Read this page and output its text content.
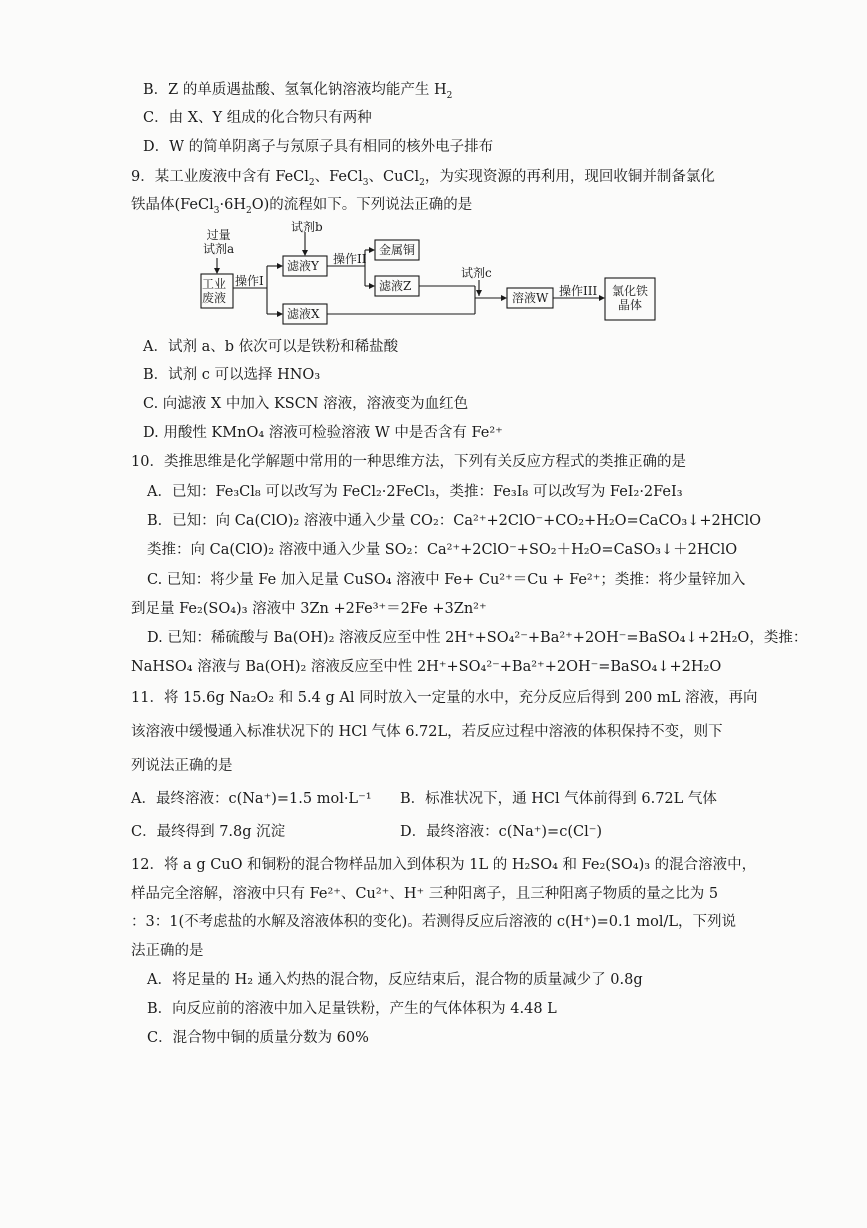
B．Z 的单质遇盐酸、氢氧化钠溶液均能产生 $H_2$
C．由 X、Y 组成的化合物只有两种
D．W 的简单阴离子与氖原子具有相同的核外电子排布
9．某工业废液中含有 FeCl$_2$、FeCl$_3$、CuCl$_2$，为实现资源的再利用，现回收铜并制备氯化
铁晶体$(FeCl_3\cdot 6H_2O)$的流程如下。下列说法正确的是
过量
试剂a
试剂b
工业
废液
操作I
滤液Y
滤液X
操作II
金属铜
滤液Z
试剂c
溶液W 操作III 氯化铁
晶体
A．试剂 a、b 依次可以是铁粉和稀盐酸
B．试剂 c 可以选择 HNO₃
C. 向滤液 X 中加入 KSCN 溶液，溶液变为血红色
D. 用酸性 KMnO₄ 溶液可检验溶液 W 中是否含有 Fe²⁺
10．类推思维是化学解题中常用的一种思维方法，下列有关反应方程式的类推正确的是
A．已知：Fe₃Cl₈ 可以改写为 FeCl₂·2FeCl₃，类推：Fe₃I₈ 可以改写为 FeI₂·2FeI₃
B．已知：向 Ca(ClO)₂ 溶液中通入少量 CO₂：Ca²⁺+2ClO⁻+CO₂+H₂O=CaCO₃↓+2HClO
类推：向 Ca(ClO)₂ 溶液中通入少量 SO₂：Ca²⁺+2ClO⁻+SO₂＋H₂O=CaSO₃↓＋2HClO
C. 已知：将少量 Fe 加入足量 CuSO₄ 溶液中 Fe+ Cu²⁺＝Cu + Fe²⁺；类推：将少量锌加入
到足量 Fe₂(SO₄)₃ 溶液中 3Zn +2Fe³⁺＝2Fe +3Zn²⁺
D. 已知：稀硫酸与 Ba(OH)₂ 溶液反应至中性 2H⁺+SO₄²⁻+Ba²⁺+2OH⁻=BaSO₄↓+2H₂O，类推：
NaHSO₄ 溶液与 Ba(OH)₂ 溶液反应至中性 2H⁺+SO₄²⁻+Ba²⁺+2OH⁻=BaSO₄↓+2H₂O
11．将 15.6g Na₂O₂ 和 5.4 g Al 同时放入一定量的水中，充分反应后得到 200 mL 溶液，再向
该溶液中缓慢通入标准状况下的 HCl 气体 6.72L，若反应过程中溶液的体积保持不变，则下
列说法正确的是
A．最终溶液：c(Na⁺)=1.5 mol·L⁻¹ B．标准状况下，通 HCl 气体前得到 6.72L 气体
C．最终得到 7.8g 沉淀	D．最终溶液：c(Na⁺)=c(Cl⁻)
12．将 a g CuO 和铜粉的混合物样品加入到体积为 1L 的 H₂SO₄ 和 Fe₂(SO₄)₃ 的混合溶液中，
样品完全溶解，溶液中只有 Fe²⁺、Cu²⁺、H⁺ 三种阳离子，且三种阳离子物质的量之比为 5
：3：1(不考虑盐的水解及溶液体积的变化)。若测得反应后溶液的 c(H⁺)=0.1 mol/L，下列说
法正确的是
A．将足量的 H₂ 通入灼热的混合物，反应结束后，混合物的质量减少了 0.8g
B．向反应前的溶液中加入足量铁粉，产生的气体体积为 4.48 L
C．混合物中铜的质量分数为 60%
